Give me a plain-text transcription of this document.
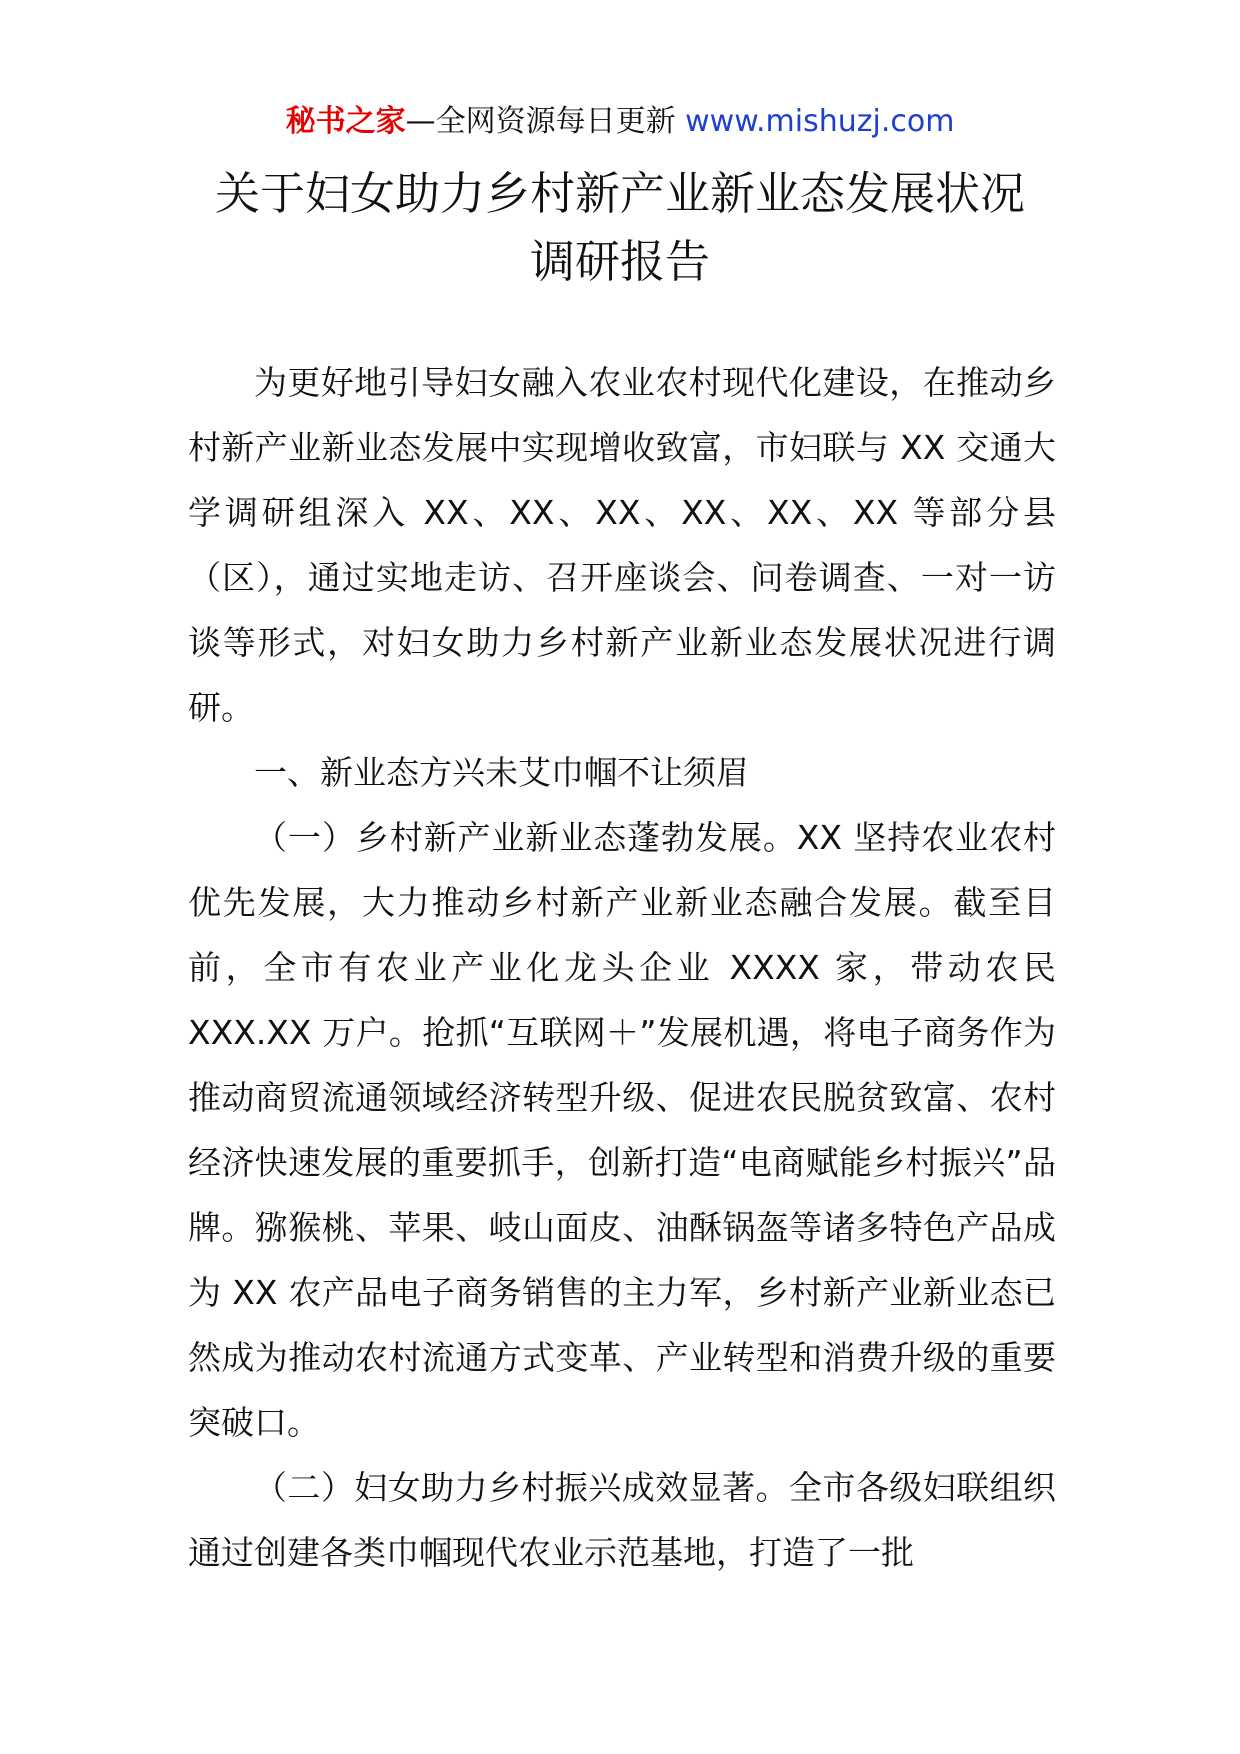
秘书之家—全网资源每日更新 www.mishuzj.com
关于妇女助力乡村新产业新业态发展状况
调研报告

为更好地引导妇女融入农业农村现代化建设，在推动乡村新产业新业态发展中实现增收致富，市妇联与 XX 交通大学调研组深入 XX、XX、XX、XX、XX、XX 等部分县（区），通过实地走访、召开座谈会、问卷调查、一对一访谈等形式，对妇女助力乡村新产业新业态发展状况进行调研。

一、新业态方兴未艾巾帼不让须眉

（一）乡村新产业新业态蓬勃发展。XX 坚持农业农村优先发展，大力推动乡村新产业新业态融合发展。截至目前，全市有农业产业化龙头企业 XXXX 家，带动农民 XXX.XX 万户。抢抓“互联网＋”发展机遇，将电子商务作为推动商贸流通领域经济转型升级、促进农民脱贫致富、农村经济快速发展的重要抓手，创新打造“电商赋能乡村振兴”品牌。猕猴桃、苹果、岐山面皮、油酥锅盔等诸多特色产品成为 XX 农产品电子商务销售的主力军，乡村新产业新业态已然成为推动农村流通方式变革、产业转型和消费升级的重要突破口。

（二）妇女助力乡村振兴成效显著。全市各级妇联组织通过创建各类巾帼现代农业示范基地，打造了一批
